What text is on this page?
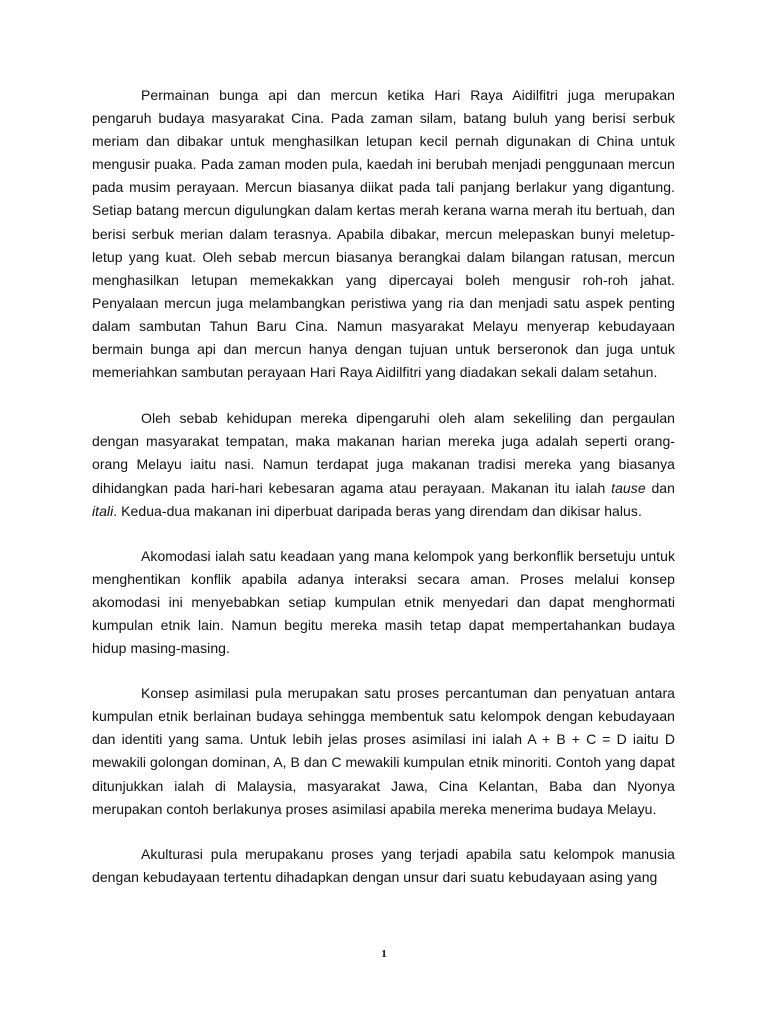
Permainan bunga api dan mercun ketika Hari Raya Aidilfitri juga merupakan pengaruh budaya masyarakat Cina. Pada zaman silam, batang buluh yang berisi serbuk meriam dan dibakar untuk menghasilkan letupan kecil pernah digunakan di China untuk mengusir puaka. Pada zaman moden pula, kaedah ini berubah menjadi penggunaan mercun pada musim perayaan. Mercun biasanya diikat pada tali panjang berlakur yang digantung. Setiap batang mercun digulungkan dalam kertas merah kerana warna merah itu bertuah, dan berisi serbuk merian dalam terasnya. Apabila dibakar, mercun melepaskan bunyi meletup-letup yang kuat. Oleh sebab mercun biasanya berangkai dalam bilangan ratusan, mercun menghasilkan letupan memekakkan yang dipercayai boleh mengusir roh-roh jahat. Penyalaan mercun juga melambangkan peristiwa yang ria dan menjadi satu aspek penting dalam sambutan Tahun Baru Cina. Namun masyarakat Melayu menyerap kebudayaan bermain bunga api dan mercun hanya dengan tujuan untuk berseronok dan juga untuk memeriahkan sambutan perayaan Hari Raya Aidilfitri yang diadakan sekali dalam setahun.

Oleh sebab kehidupan mereka dipengaruhi oleh alam sekeliling dan pergaulan dengan masyarakat tempatan, maka makanan harian mereka juga adalah seperti orang-orang Melayu iaitu nasi. Namun terdapat juga makanan tradisi mereka yang biasanya dihidangkan pada hari-hari kebesaran agama atau perayaan. Makanan itu ialah tause dan itali. Kedua-dua makanan ini diperbuat daripada beras yang direndam dan dikisar halus.

Akomodasi ialah satu keadaan yang mana kelompok yang berkonflik bersetuju untuk menghentikan konflik apabila adanya interaksi secara aman. Proses melalui konsep akomodasi ini menyebabkan setiap kumpulan etnik menyedari dan dapat menghormati kumpulan etnik lain. Namun begitu mereka masih tetap dapat mempertahankan budaya hidup masing-masing.

Konsep asimilasi pula merupakan satu proses percantuman dan penyatuan antara kumpulan etnik berlainan budaya sehingga membentuk satu kelompok dengan kebudayaan dan identiti yang sama. Untuk lebih jelas proses asimilasi ini ialah A + B + C = D iaitu D mewakili golongan dominan, A, B dan C mewakili kumpulan etnik minoriti. Contoh yang dapat ditunjukkan ialah di Malaysia, masyarakat Jawa, Cina Kelantan, Baba dan Nyonya merupakan contoh berlakunya proses asimilasi apabila mereka menerima budaya Melayu.

Akulturasi pula merupakanu proses yang terjadi apabila satu kelompok manusia dengan kebudayaan tertentu dihadapkan dengan unsur dari suatu kebudayaan asing yang

1
